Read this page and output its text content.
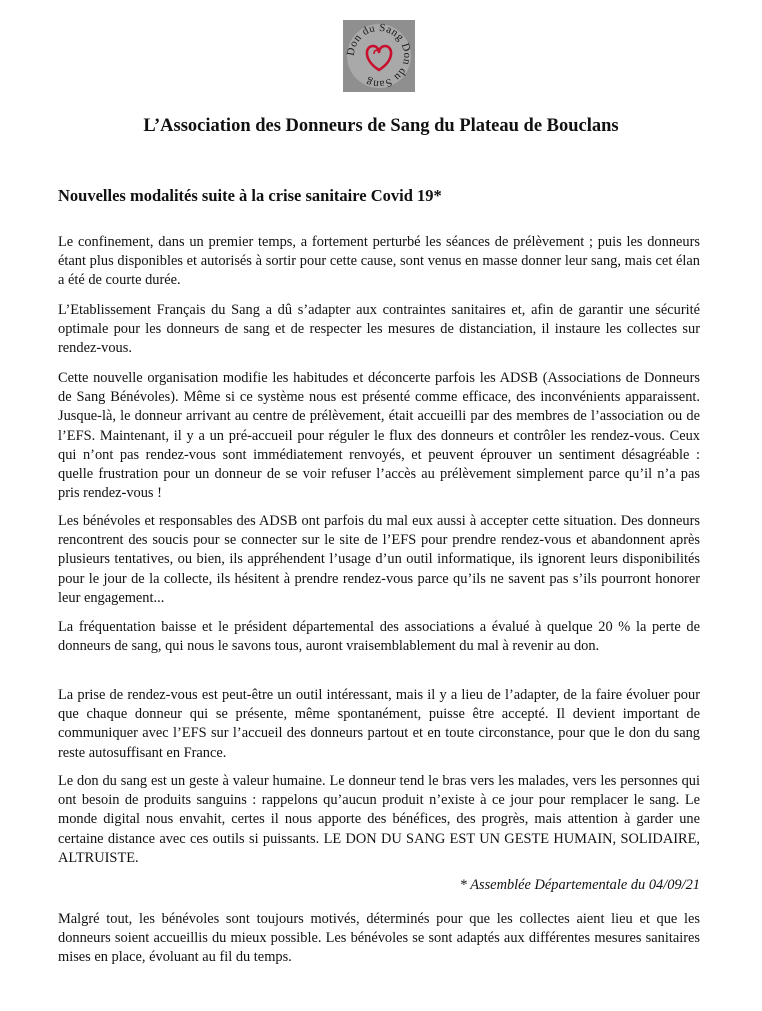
Don du Sang Don du Sang
L’Association des Donneurs de Sang du Plateau de Bouclans
Nouvelles modalités suite à la crise sanitaire Covid 19*

Le confinement, dans un premier temps, a fortement perturbé les séances de prélèvement ; puis les donneurs étant plus disponibles et autorisés à sortir pour cette cause, sont venus en masse donner leur sang, mais cet élan a été de courte durée.

L’Etablissement Français du Sang a dû s’adapter aux contraintes sanitaires et, afin de garantir une sécurité optimale pour les donneurs de sang et de respecter les mesures de distanciation, il instaure les collectes sur rendez-vous.

Cette nouvelle organisation modifie les habitudes et déconcerte parfois les ADSB (Associations de Donneurs de Sang Bénévoles). Même si ce système nous est présenté comme efficace, des inconvénients apparaissent. Jusque-là, le donneur arrivant au centre de prélèvement, était accueilli par des membres de l’association ou de l’EFS. Maintenant, il y a un pré-accueil pour réguler le flux des donneurs et contrôler les rendez-vous. Ceux qui n’ont pas rendez-vous sont immédiatement renvoyés, et peuvent éprouver un sentiment désagréable : quelle frustration pour un donneur de se voir refuser l’accès au prélèvement simplement parce qu’il n’a pas pris rendez-vous !

Les bénévoles et responsables des ADSB ont parfois du mal eux aussi à accepter cette situation. Des donneurs rencontrent des soucis pour se connecter sur le site de l’EFS pour prendre rendez-vous et abandonnent après plusieurs tentatives, ou bien, ils appréhendent l’usage d’un outil informatique, ils ignorent leurs disponibilités pour le jour de la collecte, ils hésitent à prendre rendez-vous parce qu’ils ne savent pas s’ils pourront honorer leur engagement...

La fréquentation baisse et le président départemental des associations a évalué à quelque 20 % la perte de donneurs de sang, qui nous le savons tous, auront vraisemblablement du mal à revenir au don.

La prise de rendez-vous est peut-être un outil intéressant, mais il y a lieu de l’adapter, de la faire évoluer pour que chaque donneur qui se présente, même spontanément, puisse être accepté. Il devient important de communiquer avec l’EFS sur l’accueil des donneurs partout et en toute circonstance, pour que le don du sang reste autosuffisant en France.

Le don du sang est un geste à valeur humaine. Le donneur tend le bras vers les malades, vers les personnes qui ont besoin de produits sanguins : rappelons qu’aucun produit n’existe à ce jour pour remplacer le sang. Le monde digital nous envahit, certes il nous apporte des bénéfices, des progrès, mais attention à garder une certaine distance avec ces outils si puissants. LE DON DU SANG EST UN GESTE HUMAIN, SOLIDAIRE, ALTRUISTE.

* Assemblée Départementale du 04/09/21

Malgré tout, les bénévoles sont toujours motivés, déterminés pour que les collectes aient lieu et que les donneurs soient accueillis du mieux possible. Les bénévoles se sont adaptés aux différentes mesures sanitaires mises en place, évoluant au fil du temps.
